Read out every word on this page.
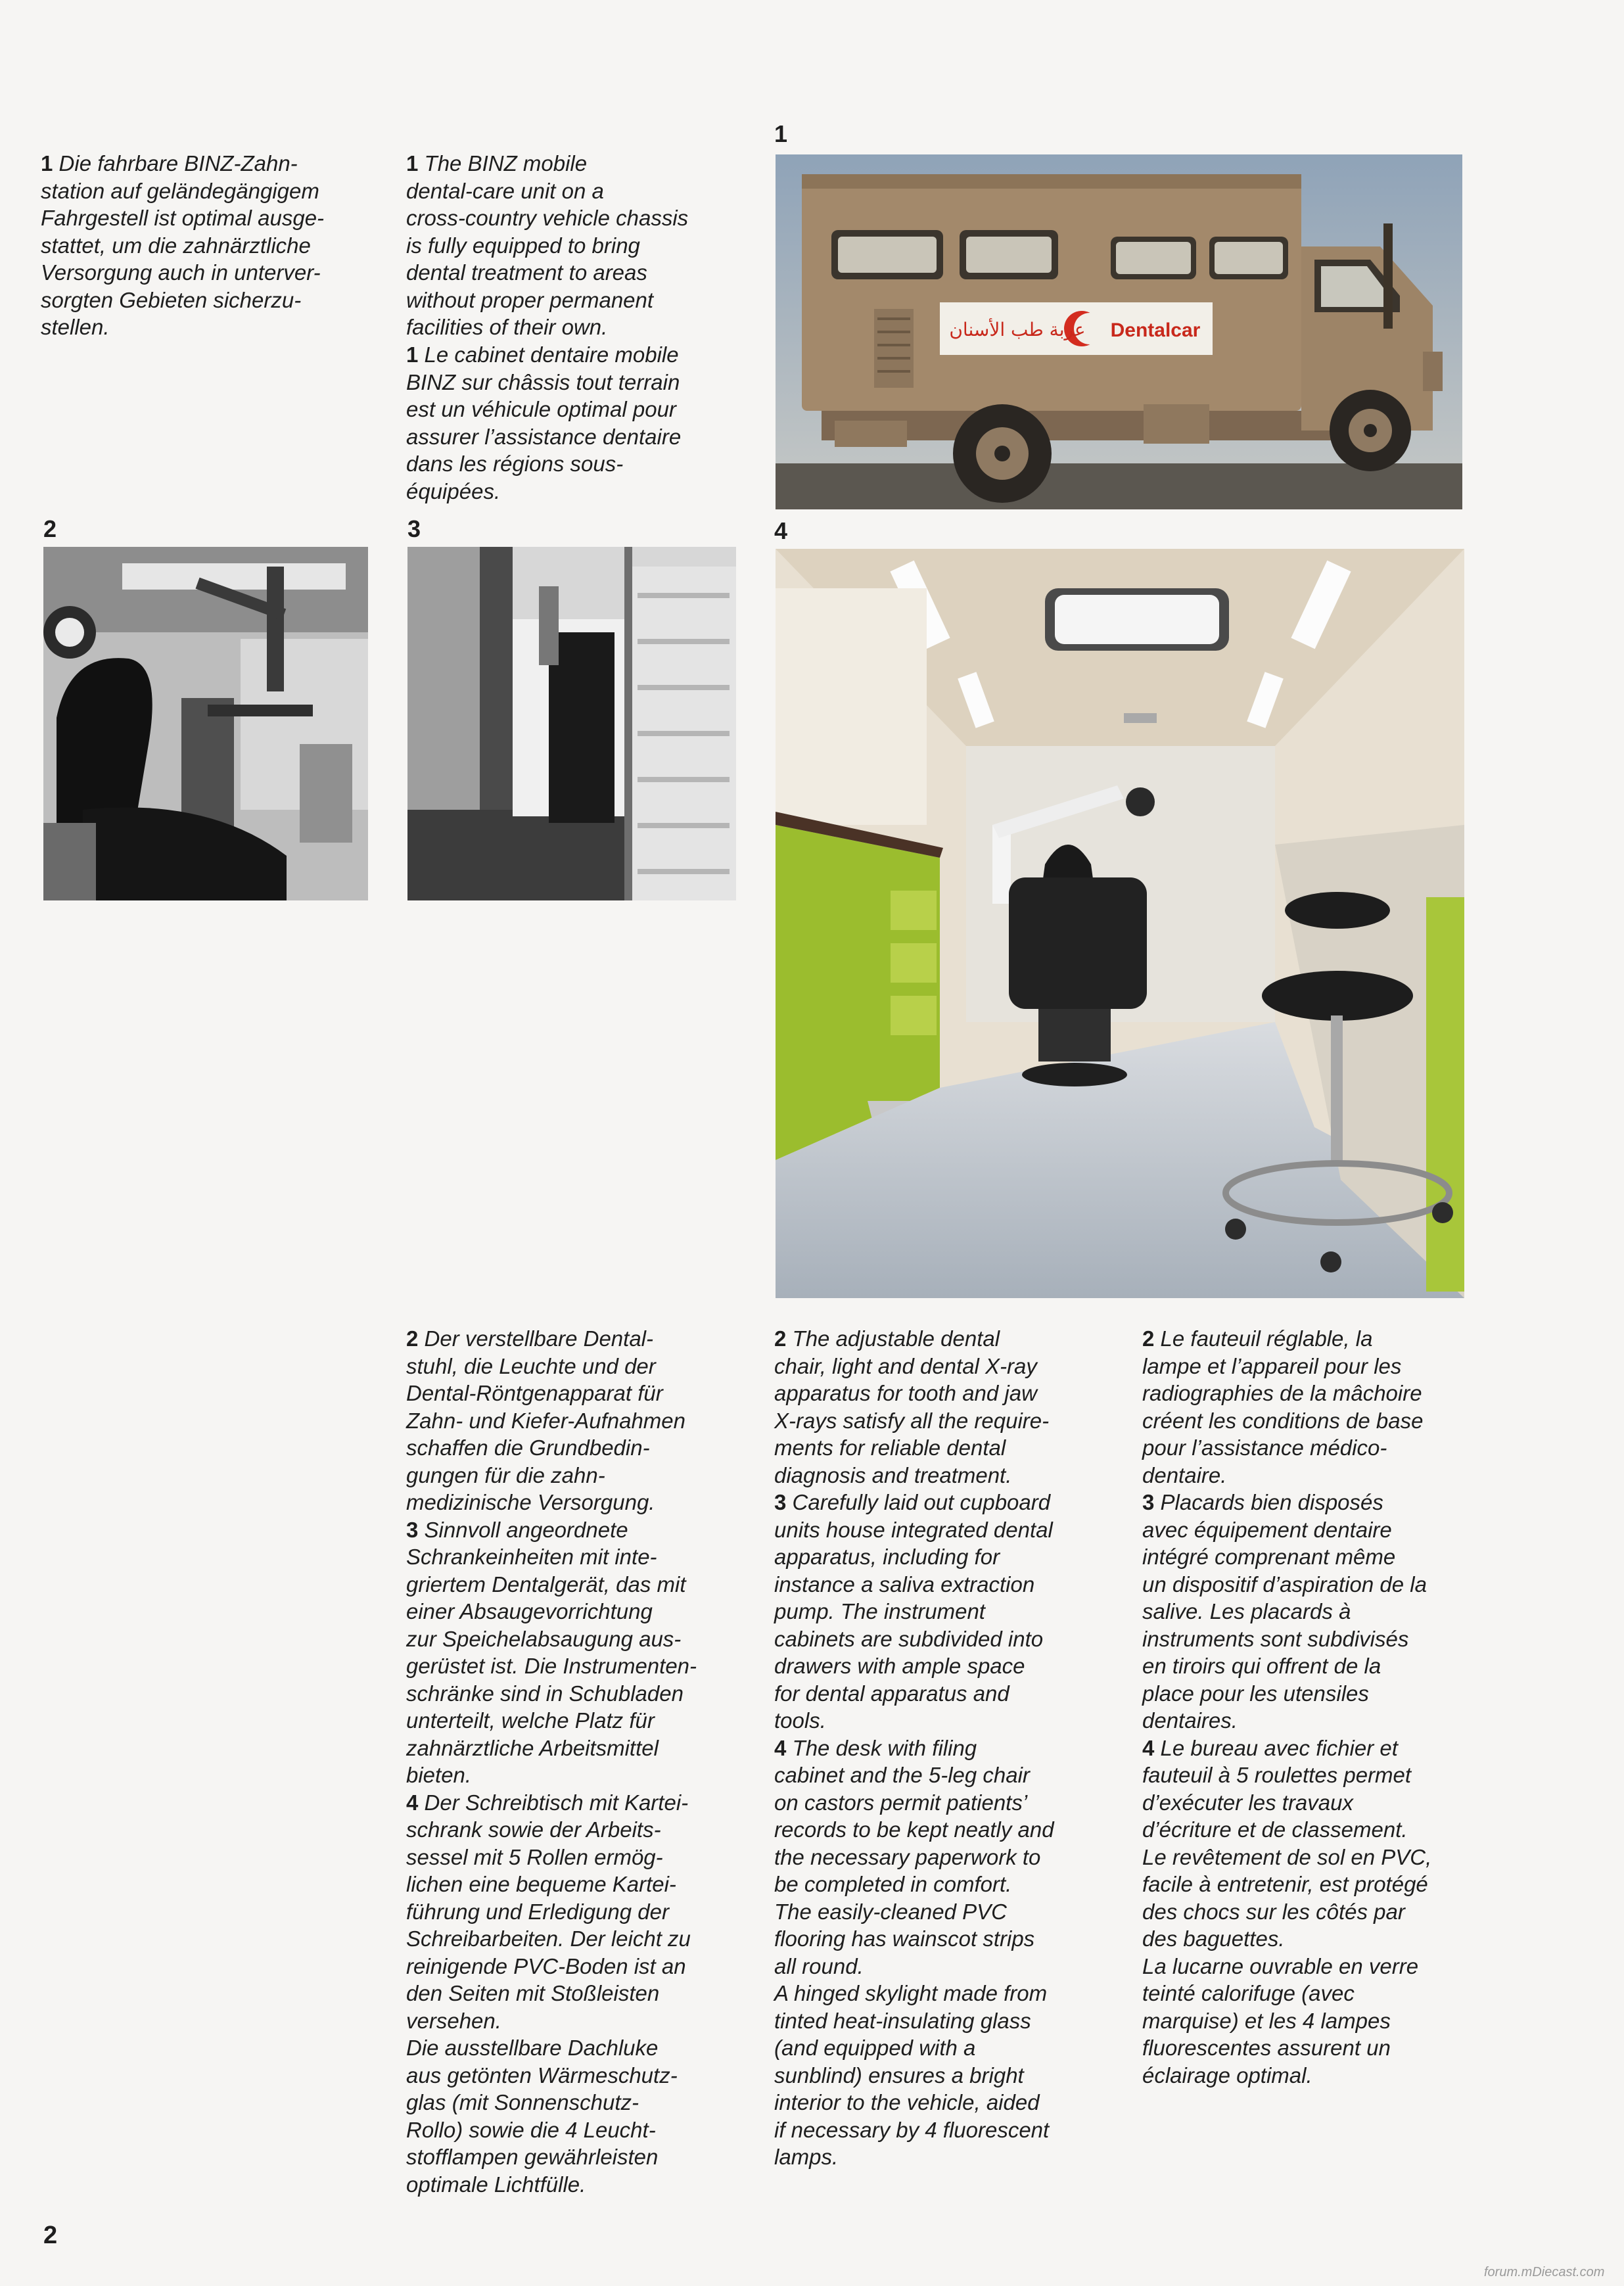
1 Die fahrbare BINZ-Zahn-
station auf geländegängigem
Fahrgestell ist optimal ausge-
stattet, um die zahnärztliche
Versorgung auch in unterver-
sorgten Gebieten sicherzu-
stellen.

1 The BINZ mobile
dental-care unit on a
cross-country vehicle chassis
is fully equipped to bring
dental treatment to areas
without proper permanent
facilities of their own.

1 Le cabinet dentaire mobile
BINZ sur châssis tout terrain
est un véhicule optimal pour
assurer l’assistance dentaire
dans les régions sous-
équipées.

1
عربة طب الأسنان Dentalcar
2	3	4

2 Der verstellbare Dental-
stuhl, die Leuchte und der
Dental-Röntgenapparat für
Zahn- und Kiefer-Aufnahmen
schaffen die Grundbedin-
gungen für die zahn-
medizinische Versorgung.

3 Sinnvoll angeordnete
Schrankeinheiten mit inte-
griertem Dentalgerät, das mit
einer Absaugevorrichtung
zur Speichelabsaugung aus-
gerüstet ist. Die Instrumenten-
schränke sind in Schubladen
unterteilt, welche Platz für
zahnärztliche Arbeitsmittel
bieten.

4 Der Schreibtisch mit Kartei-
schrank sowie der Arbeits-
sessel mit 5 Rollen ermög-
lichen eine bequeme Kartei-
führung und Erledigung der
Schreibarbeiten. Der leicht zu
reinigende PVC-Boden ist an
den Seiten mit Stoßleisten
versehen.
Die ausstellbare Dachluke
aus getönten Wärmeschutz-
glas (mit Sonnenschutz-
Rollo) sowie die 4 Leucht-
stofflampen gewährleisten
optimale Lichtfülle.

2 The adjustable dental
chair, light and dental X-ray
apparatus for tooth and jaw
X-rays satisfy all the require-
ments for reliable dental
diagnosis and treatment.

3 Carefully laid out cupboard
units house integrated dental
apparatus, including for
instance a saliva extraction
pump. The instrument
cabinets are subdivided into
drawers with ample space
for dental apparatus and
tools.

4 The desk with filing
cabinet and the 5-leg chair
on castors permit patients’
records to be kept neatly and
the necessary paperwork to
be completed in comfort.
The easily-cleaned PVC
flooring has wainscot strips
all round.
A hinged skylight made from
tinted heat-insulating glass
(and equipped with a
sunblind) ensures a bright
interior to the vehicle, aided
if necessary by 4 fluorescent
lamps.

2 Le fauteuil réglable, la
lampe et l’appareil pour les
radiographies de la mâchoire
créent les conditions de base
pour l’assistance médico-
dentaire.

3 Placards bien disposés
avec équipement dentaire
intégré comprenant même
un dispositif d’aspiration de la
salive. Les placards à
instruments sont subdivisés
en tiroirs qui offrent de la
place pour les utensiles
dentaires.

4 Le bureau avec fichier et
fauteuil à 5 roulettes permet
d’exécuter les travaux
d’écriture et de classement.
Le revêtement de sol en PVC,
facile à entretenir, est protégé
des chocs sur les côtés par
des baguettes.
La lucarne ouvrable en verre
teinté calorifuge (avec
marquise) et les 4 lampes
fluorescentes assurent un
éclairage optimal.

2
forum.mDiecast.com
